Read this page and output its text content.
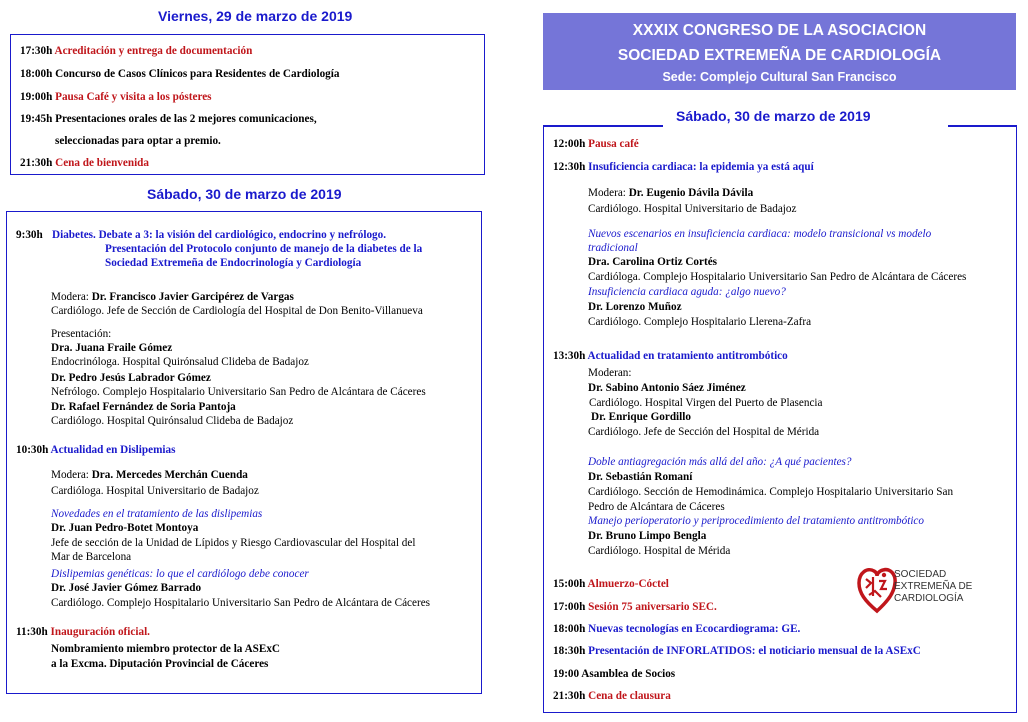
Viernes, 29 de marzo de 2019
17:30h Acreditación y entrega de documentación
18:00h Concurso de Casos Clínicos para Residentes de Cardiología
19:00h Pausa Café y visita a los pósteres
19:45h Presentaciones orales de las 2 mejores comunicaciones,
seleccionadas para optar a premio.
21:30h Cena de bienvenida
Sábado, 30 de marzo de 2019
9:30h Diabetes. Debate a 3: la visión del cardiológico, endocrino y nefrólogo.
Presentación del Protocolo conjunto de manejo de la diabetes de la
Sociedad Extremeña de Endocrinología y Cardiología
Modera: Dr. Francisco Javier Garcipérez de Vargas
Cardiólogo. Jefe de Sección de Cardiología del Hospital de Don Benito-Villanueva
Presentación:
Dra. Juana Fraile Gómez
Endocrinóloga. Hospital Quirónsalud Clideba de Badajoz
Dr. Pedro Jesús Labrador Gómez
Nefrólogo. Complejo Hospitalario Universitario San Pedro de Alcántara de Cáceres
Dr. Rafael Fernández de Soria Pantoja
Cardiólogo. Hospital Quirónsalud Clideba de Badajoz
10:30h Actualidad en Dislipemias
Modera: Dra. Mercedes Merchán Cuenda
Cardióloga. Hospital Universitario de Badajoz
Novedades en el tratamiento de las dislipemias
Dr. Juan Pedro-Botet Montoya
Jefe de sección de la Unidad de Lípidos y Riesgo Cardiovascular del Hospital del
Mar de Barcelona
Dislipemias genéticas: lo que el cardiólogo debe conocer
Dr. José Javier Gómez Barrado
Cardiólogo. Complejo Hospitalario Universitario San Pedro de Alcántara de Cáceres
11:30h Inauguración oficial.
Nombramiento miembro protector de la ASExC
a la Excma. Diputación Provincial de Cáceres
XXXIX CONGRESO DE LA ASOCIACION
SOCIEDAD EXTREMEÑA DE CARDIOLOGÍA
Sede: Complejo Cultural San Francisco
Sábado, 30 de marzo de 2019
12:00h Pausa café
12:30h Insuficiencia cardiaca: la epidemia ya está aquí
Modera: Dr. Eugenio Dávila Dávila
Cardiólogo. Hospital Universitario de Badajoz
Nuevos escenarios en insuficiencia cardiaca: modelo transicional vs modelo
tradicional
Dra. Carolina Ortiz Cortés
Cardióloga. Complejo Hospitalario Universitario San Pedro de Alcántara de Cáceres
Insuficiencia cardiaca aguda: ¿algo nuevo?
Dr. Lorenzo Muñoz
Cardiólogo. Complejo Hospitalario Llerena-Zafra
13:30h Actualidad en tratamiento antitrombótico
Moderan:
Dr. Sabino Antonio Sáez Jiménez
Cardiólogo. Hospital Virgen del Puerto de Plasencia
Dr. Enrique Gordillo
Cardiólogo. Jefe de Sección del Hospital de Mérida
Doble antiagregación más allá del año: ¿A qué pacientes?
Dr. Sebastián Romaní
Cardiólogo. Sección de Hemodinámica. Complejo Hospitalario Universitario San
Pedro de Alcántara de Cáceres
Manejo perioperatorio y periprocedimiento del tratamiento antitrombótico
Dr. Bruno Limpo Bengla
Cardiólogo. Hospital de Mérida
15:00h Almuerzo-Cóctel
17:00h Sesión 75 aniversario SEC.
18:00h Nuevas tecnologías en Ecocardiograma: GE.
18:30h Presentación de INFORLATIDOS: el noticiario mensual de la ASExC
19:00 Asamblea de Socios
21:30h Cena de clausura
SOCIEDAD
EXTREMEÑA DE
CARDIOLOGÍA
